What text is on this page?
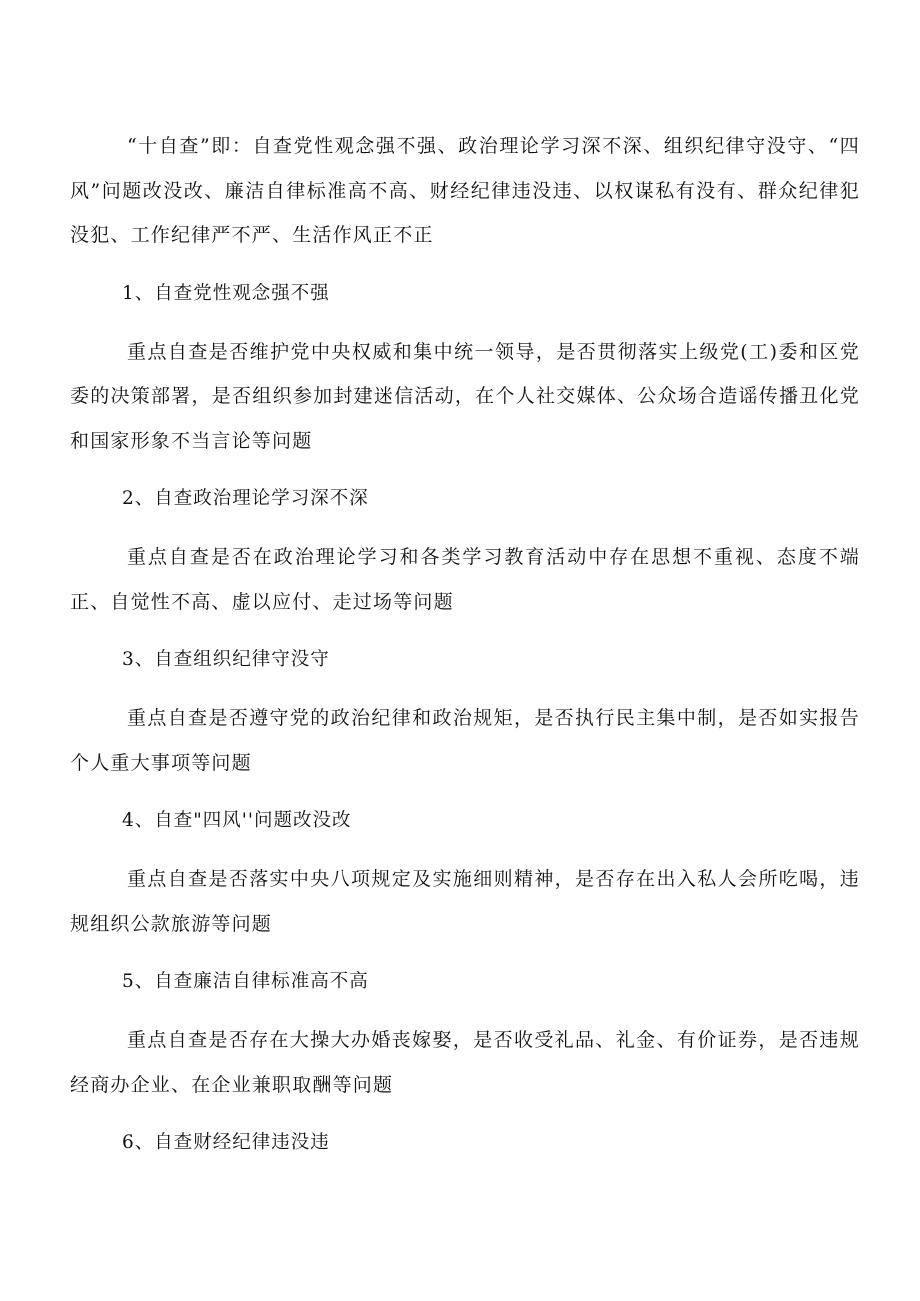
“十自查”即：自查党性观念强不强、政治理论学习深不深、组织纪律守没守、“四风”问题改没改、廉洁自律标准高不高、财经纪律违没违、以权谋私有没有、群众纪律犯没犯、工作纪律严不严、生活作风正不正

1、自查党性观念强不强

重点自查是否维护党中央权威和集中统一领导，是否贯彻落实上级党(工)委和区党委的决策部署，是否组织参加封建迷信活动，在个人社交媒体、公众场合造谣传播丑化党和国家形象不当言论等问题

2、自查政治理论学习深不深

重点自查是否在政治理论学习和各类学习教育活动中存在思想不重视、态度不端正、自觉性不高、虚以应付、走过场等问题

3、自查组织纪律守没守

重点自查是否遵守党的政治纪律和政治规矩，是否执行民主集中制，是否如实报告个人重大事项等问题

4、自查"四风''问题改没改

重点自查是否落实中央八项规定及实施细则精神，是否存在出入私人会所吃喝，违规组织公款旅游等问题

5、自查廉洁自律标准高不高

重点自查是否存在大操大办婚丧嫁娶，是否收受礼品、礼金、有价证券，是否违规经商办企业、在企业兼职取酬等问题

6、自查财经纪律违没违
